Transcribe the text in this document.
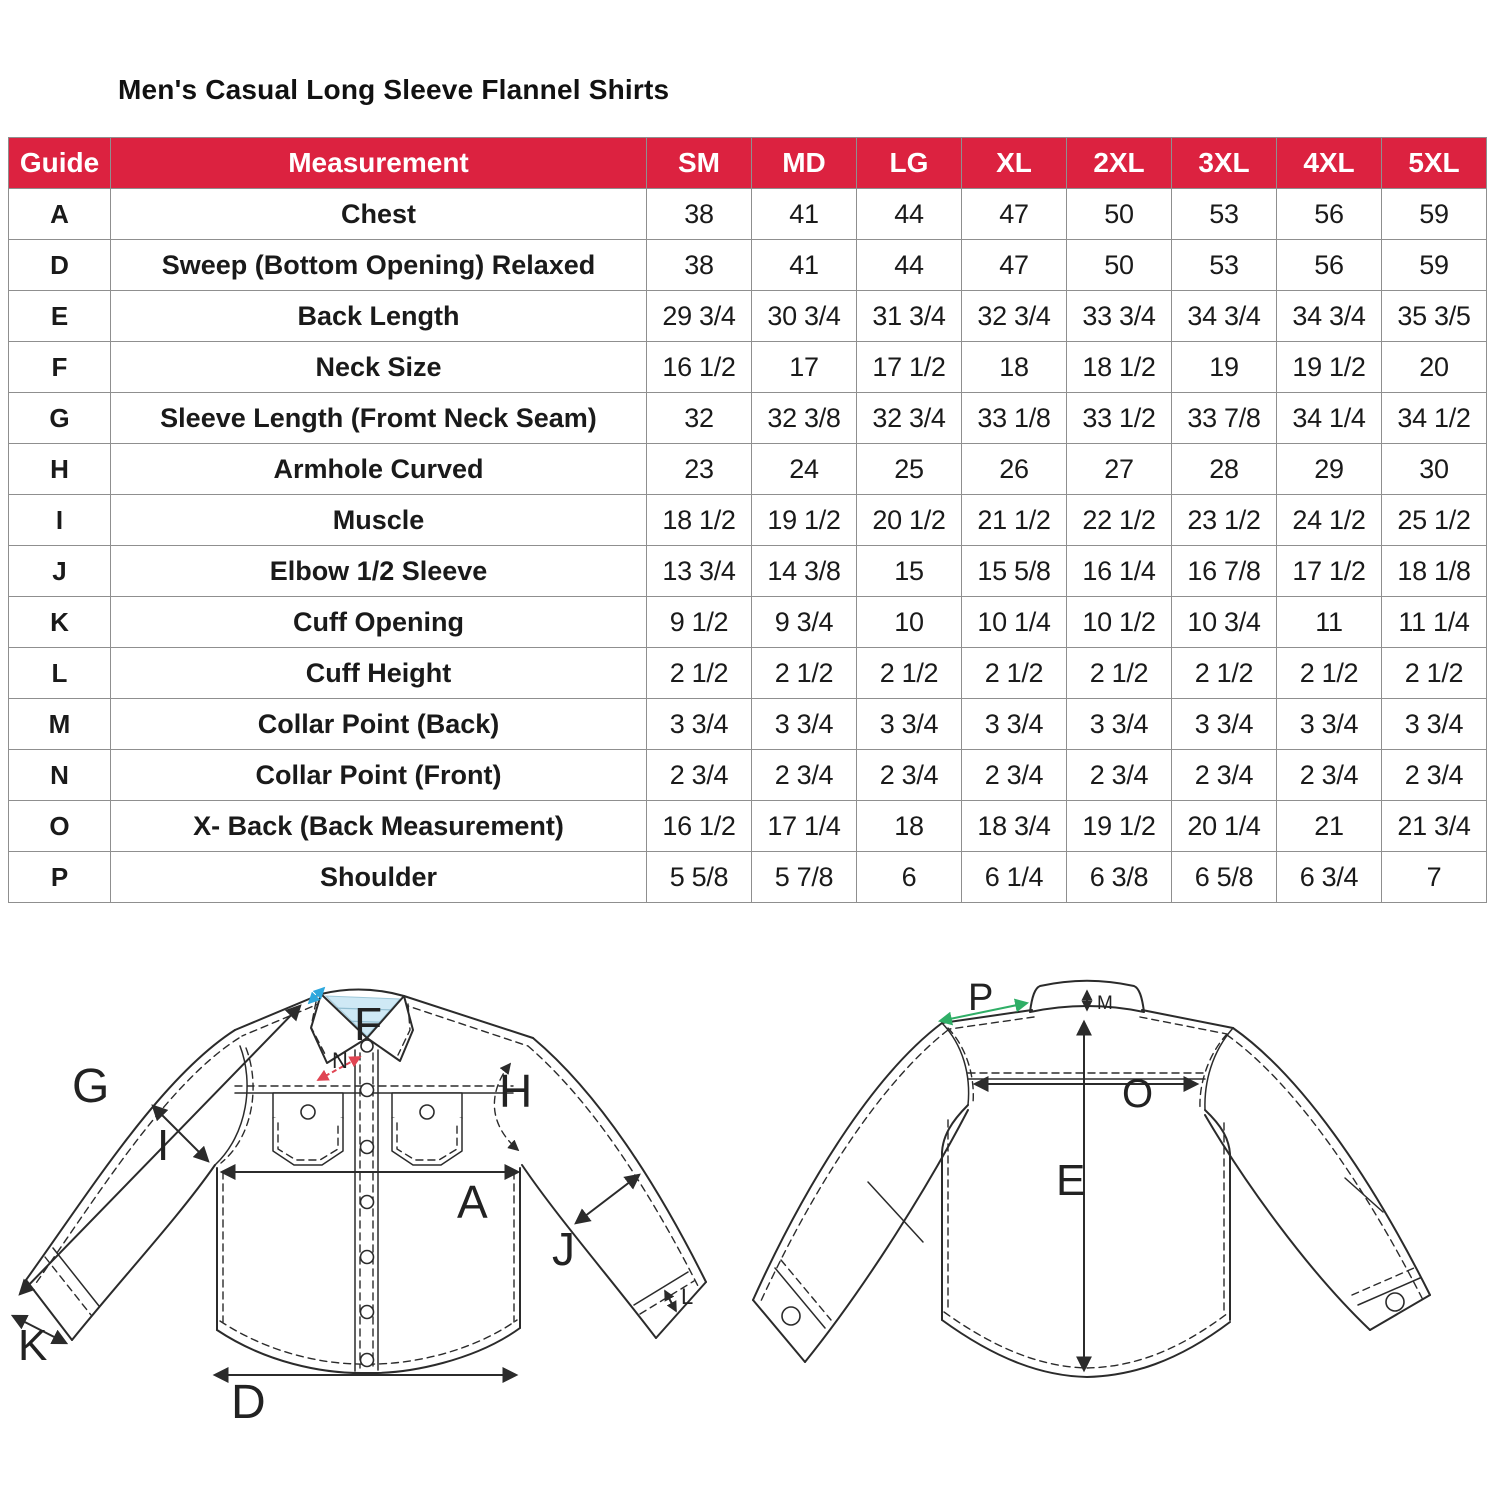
Men's Casual Long Sleeve Flannel Shirts
Guide	Measurement	SM	MD	LG	XL	2XL	3XL	4XL	5XL
A	Chest	38	41	44	47	50	53	56	59
D	Sweep (Bottom Opening) Relaxed	38	41	44	47	50	53	56	59
E	Back Length	29 3/4	30 3/4	31 3/4	32 3/4	33 3/4	34 3/4	34 3/4	35 3/5
F	Neck Size	16 1/2	17	17 1/2	18	18 1/2	19	19 1/2	20
G	Sleeve Length (Fromt Neck Seam)	32	32 3/8	32 3/4	33 1/8	33 1/2	33 7/8	34 1/4	34 1/2
H	Armhole Curved	23	24	25	26	27	28	29	30
I	Muscle	18 1/2	19 1/2	20 1/2	21 1/2	22 1/2	23 1/2	24 1/2	25 1/2
J	Elbow 1/2 Sleeve	13 3/4	14 3/8	15	15 5/8	16 1/4	16 7/8	17 1/2	18 1/8
K	Cuff Opening	9 1/2	9 3/4	10	10 1/4	10 1/2	10 3/4	11	11 1/4
L	Cuff Height	2 1/2	2 1/2	2 1/2	2 1/2	2 1/2	2 1/2	2 1/2	2 1/2
M	Collar Point (Back)	3 3/4	3 3/4	3 3/4	3 3/4	3 3/4	3 3/4	3 3/4	3 3/4
N	Collar Point (Front)	2 3/4	2 3/4	2 3/4	2 3/4	2 3/4	2 3/4	2 3/4	2 3/4
O	X- Back (Back Measurement)	16 1/2	17 1/4	18	18 3/4	19 1/2	20 1/4	21	21 3/4
P	Shoulder	5 5/8	5 7/8	6	6 1/4	6 3/8	6 5/8	6 3/4	7
G
I
F
N
H
A
J
K
L
D
P	M
O
E
